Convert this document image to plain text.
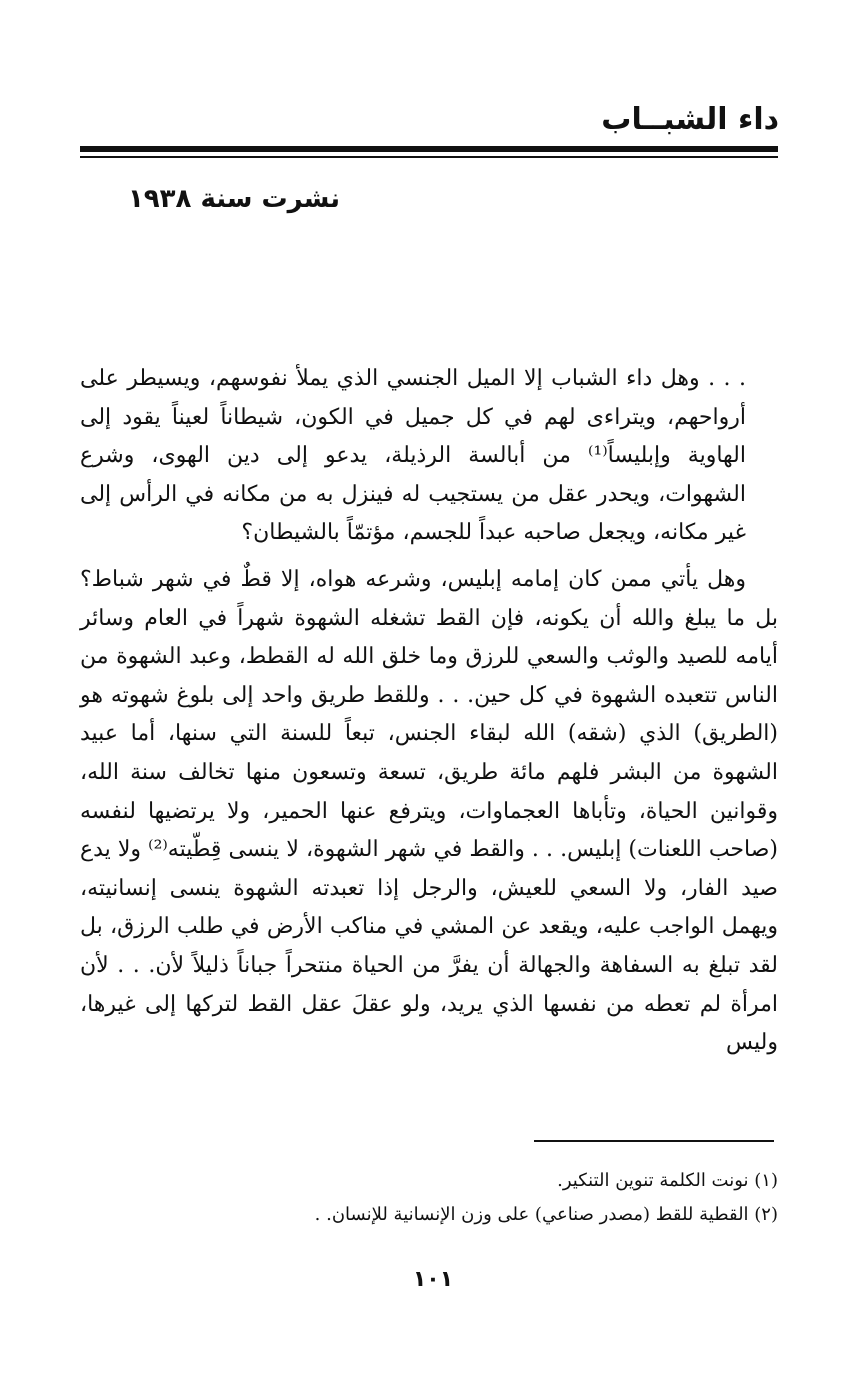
داء الشبــاب
نشرت سنة ١٩٣٨

. . . وهل داء الشباب إلا الميل الجنسي الذي يملأ نفوسهم، ويسيطر على أرواحهم، ويتراءى لهم في كل جميل في الكون، شيطاناً لعيناً يقود إلى الهاوية وإبليساً⁽¹⁾ من أبالسة الرذيلة، يدعو إلى دين الهوى، وشرع الشهوات، ويحدر عقل من يستجيب له فينزل به من مكانه في الرأس إلى غير مكانه، ويجعل صاحبه عبداً للجسم، مؤتمّاً بالشيطان؟

وهل يأتي ممن كان إمامه إبليس، وشرعه هواه، إلا قطٌ في شهر شباط؟ بل ما يبلغ والله أن يكونه، فإن القط تشغله الشهوة شهراً في العام وسائر أيامه للصيد والوثب والسعي للرزق وما خلق الله له القطط، وعبد الشهوة من الناس تتعبده الشهوة في كل حين. . . وللقط طريق واحد إلى بلوغ شهوته هو (الطريق) الذي (شقه) الله لبقاء الجنس، تبعاً للسنة التي سنها، أما عبيد الشهوة من البشر فلهم مائة طريق، تسعة وتسعون منها تخالف سنة الله، وقوانين الحياة، وتأباها العجماوات، ويترفع عنها الحمير، ولا يرتضيها لنفسه (صاحب اللعنات) إبليس. . . والقط في شهر الشهوة، لا ينسى قِطّيته⁽²⁾ ولا يدع صيد الفار، ولا السعي للعيش، والرجل إذا تعبدته الشهوة ينسى إنسانيته، ويهمل الواجب عليه، ويقعد عن المشي في مناكب الأرض في طلب الرزق، بل لقد تبلغ به السفاهة والجهالة أن يفرَّ من الحياة منتحراً جباناً ذليلاً لأن. . . لأن امرأة لم تعطه من نفسها الذي يريد، ولو عقلَ عقل القط لتركها إلى غيرها، وليس

(١) نونت الكلمة تنوين التنكير.

(٢) القطية للقط (مصدر صناعي) على وزن الإنسانية للإنسان. .

١٠١
